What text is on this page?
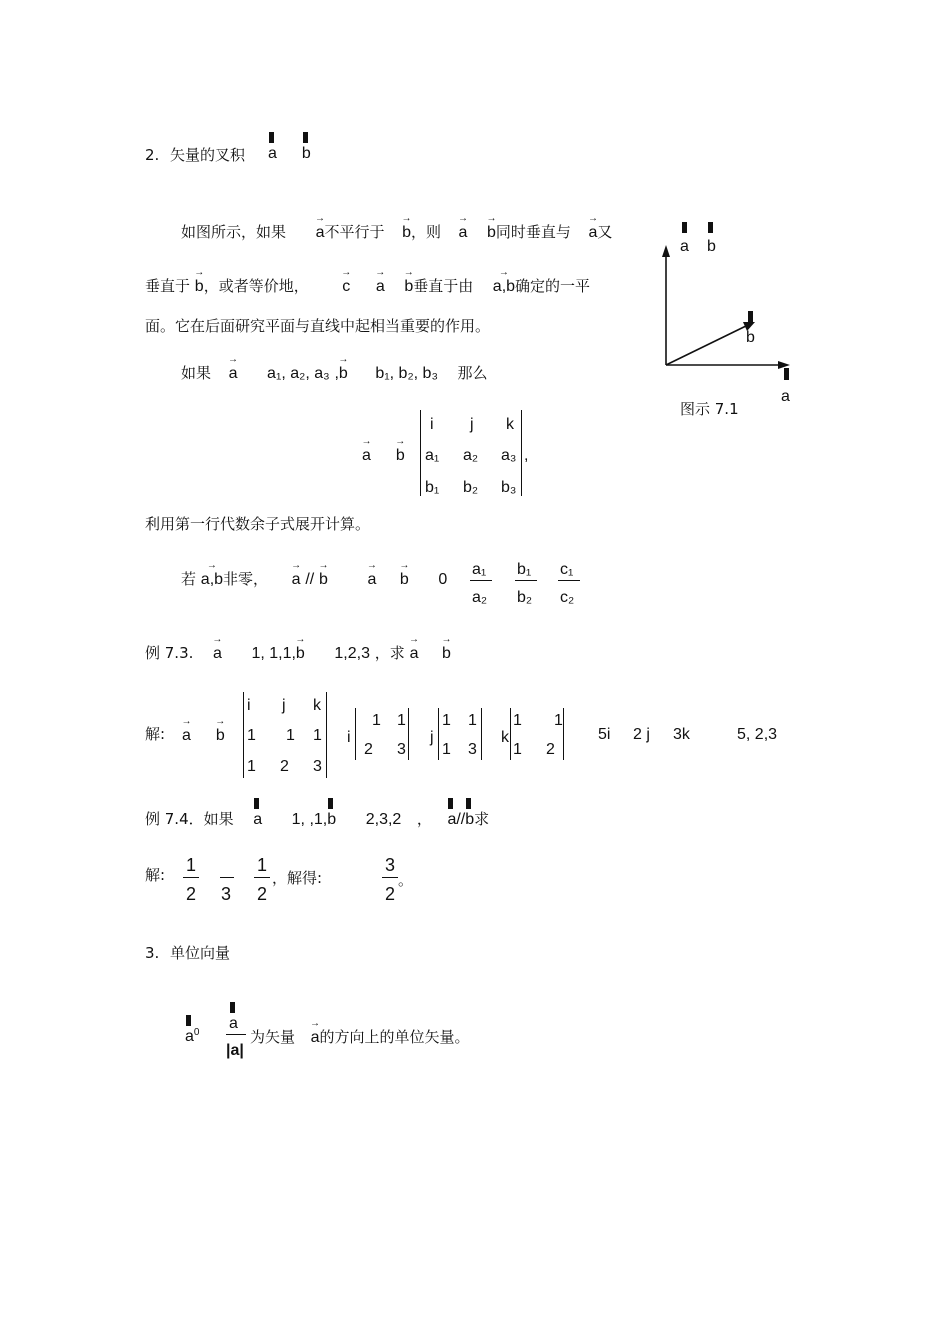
2. 矢量的叉积 a b
如图所示，如果 → a不平行于 → b，则 → a → b同时垂直与 → a又
垂直于 → b，或者等价地， → c → a → b垂直于由 → a,b确定的一平
面。它在后面研究平面与直线中起相当重要的作用。
a b
b
a
图示 7.1
如果 → a a₁, a₂, a₃ ,→ b b₁, b₂, b₃ 那么
→ a → b
i j k
a₁ a₂ a₃
b₁ b₂ b₃
,
利用第一行代数余子式展开计算。
若 → a,b非零， → a // → b → a → b 0
a₁
a₂
b₁
b₂
c₁
c₂
例 7.3. → a 1, 1,1,→ b 1,2,3 ，求 → a → b
解: → a → b
i j k
1 1 1
1 2 3
i
1 1
2 3
j
1 1
1 3
k
1 1
1 2
5i 2 j 3k	5, 2,3
例 7.4．如果 a 1, ,1,b 2,3,2 ， a//b求
解: 1
2 3
1
2
，解得:
3
2
。
3. 单位向量
$a^0$
a
|a|
为矢量 → a的方向上的单位矢量。
